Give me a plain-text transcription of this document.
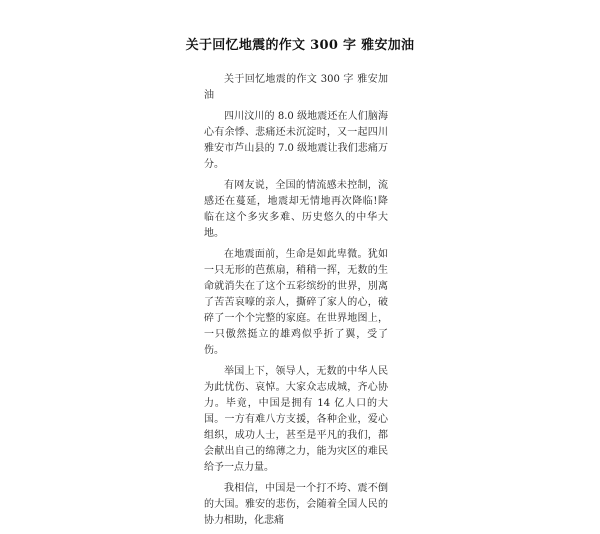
关于回忆地震的作文 300 字 雅安加油

关于回忆地震的作文 300 字 雅安加油

四川汶川的 8.0 级地震还在人们脑海心有余悸、悲痛还未沉淀时，又一起四川雅安市芦山县的 7.0 级地震让我们悲痛万分。

有网友说，全国的情流感未控制，流感还在蔓延，地震却无情地再次降临!降临在这个多灾多难、历史悠久的中华大地。

在地震面前，生命是如此卑微。犹如一只无形的芭蕉扇，稍稍一挥，无数的生命就消失在了这个五彩缤纷的世界，別离了苦苦哀嚎的亲人，撕碎了家人的心，破碎了一个个完整的家庭。在世界地图上，一只傲然挺立的雄鸡似乎折了翼，受了伤。

举国上下，领导人，无数的中华人民为此忧伤、哀悼。大家众志成城，齐心协力。毕竟，中国是拥有 14 亿人口的大国。一方有难八方支援，各种企业，爱心组织，成功人士，甚至是平凡的我们，都会献出自己的绵薄之力，能为灾区的难民给予一点力量。

我相信，中国是一个打不垮、震不倒的大国。雅安的悲伤，会随着全国人民的协力相助，化悲痛
